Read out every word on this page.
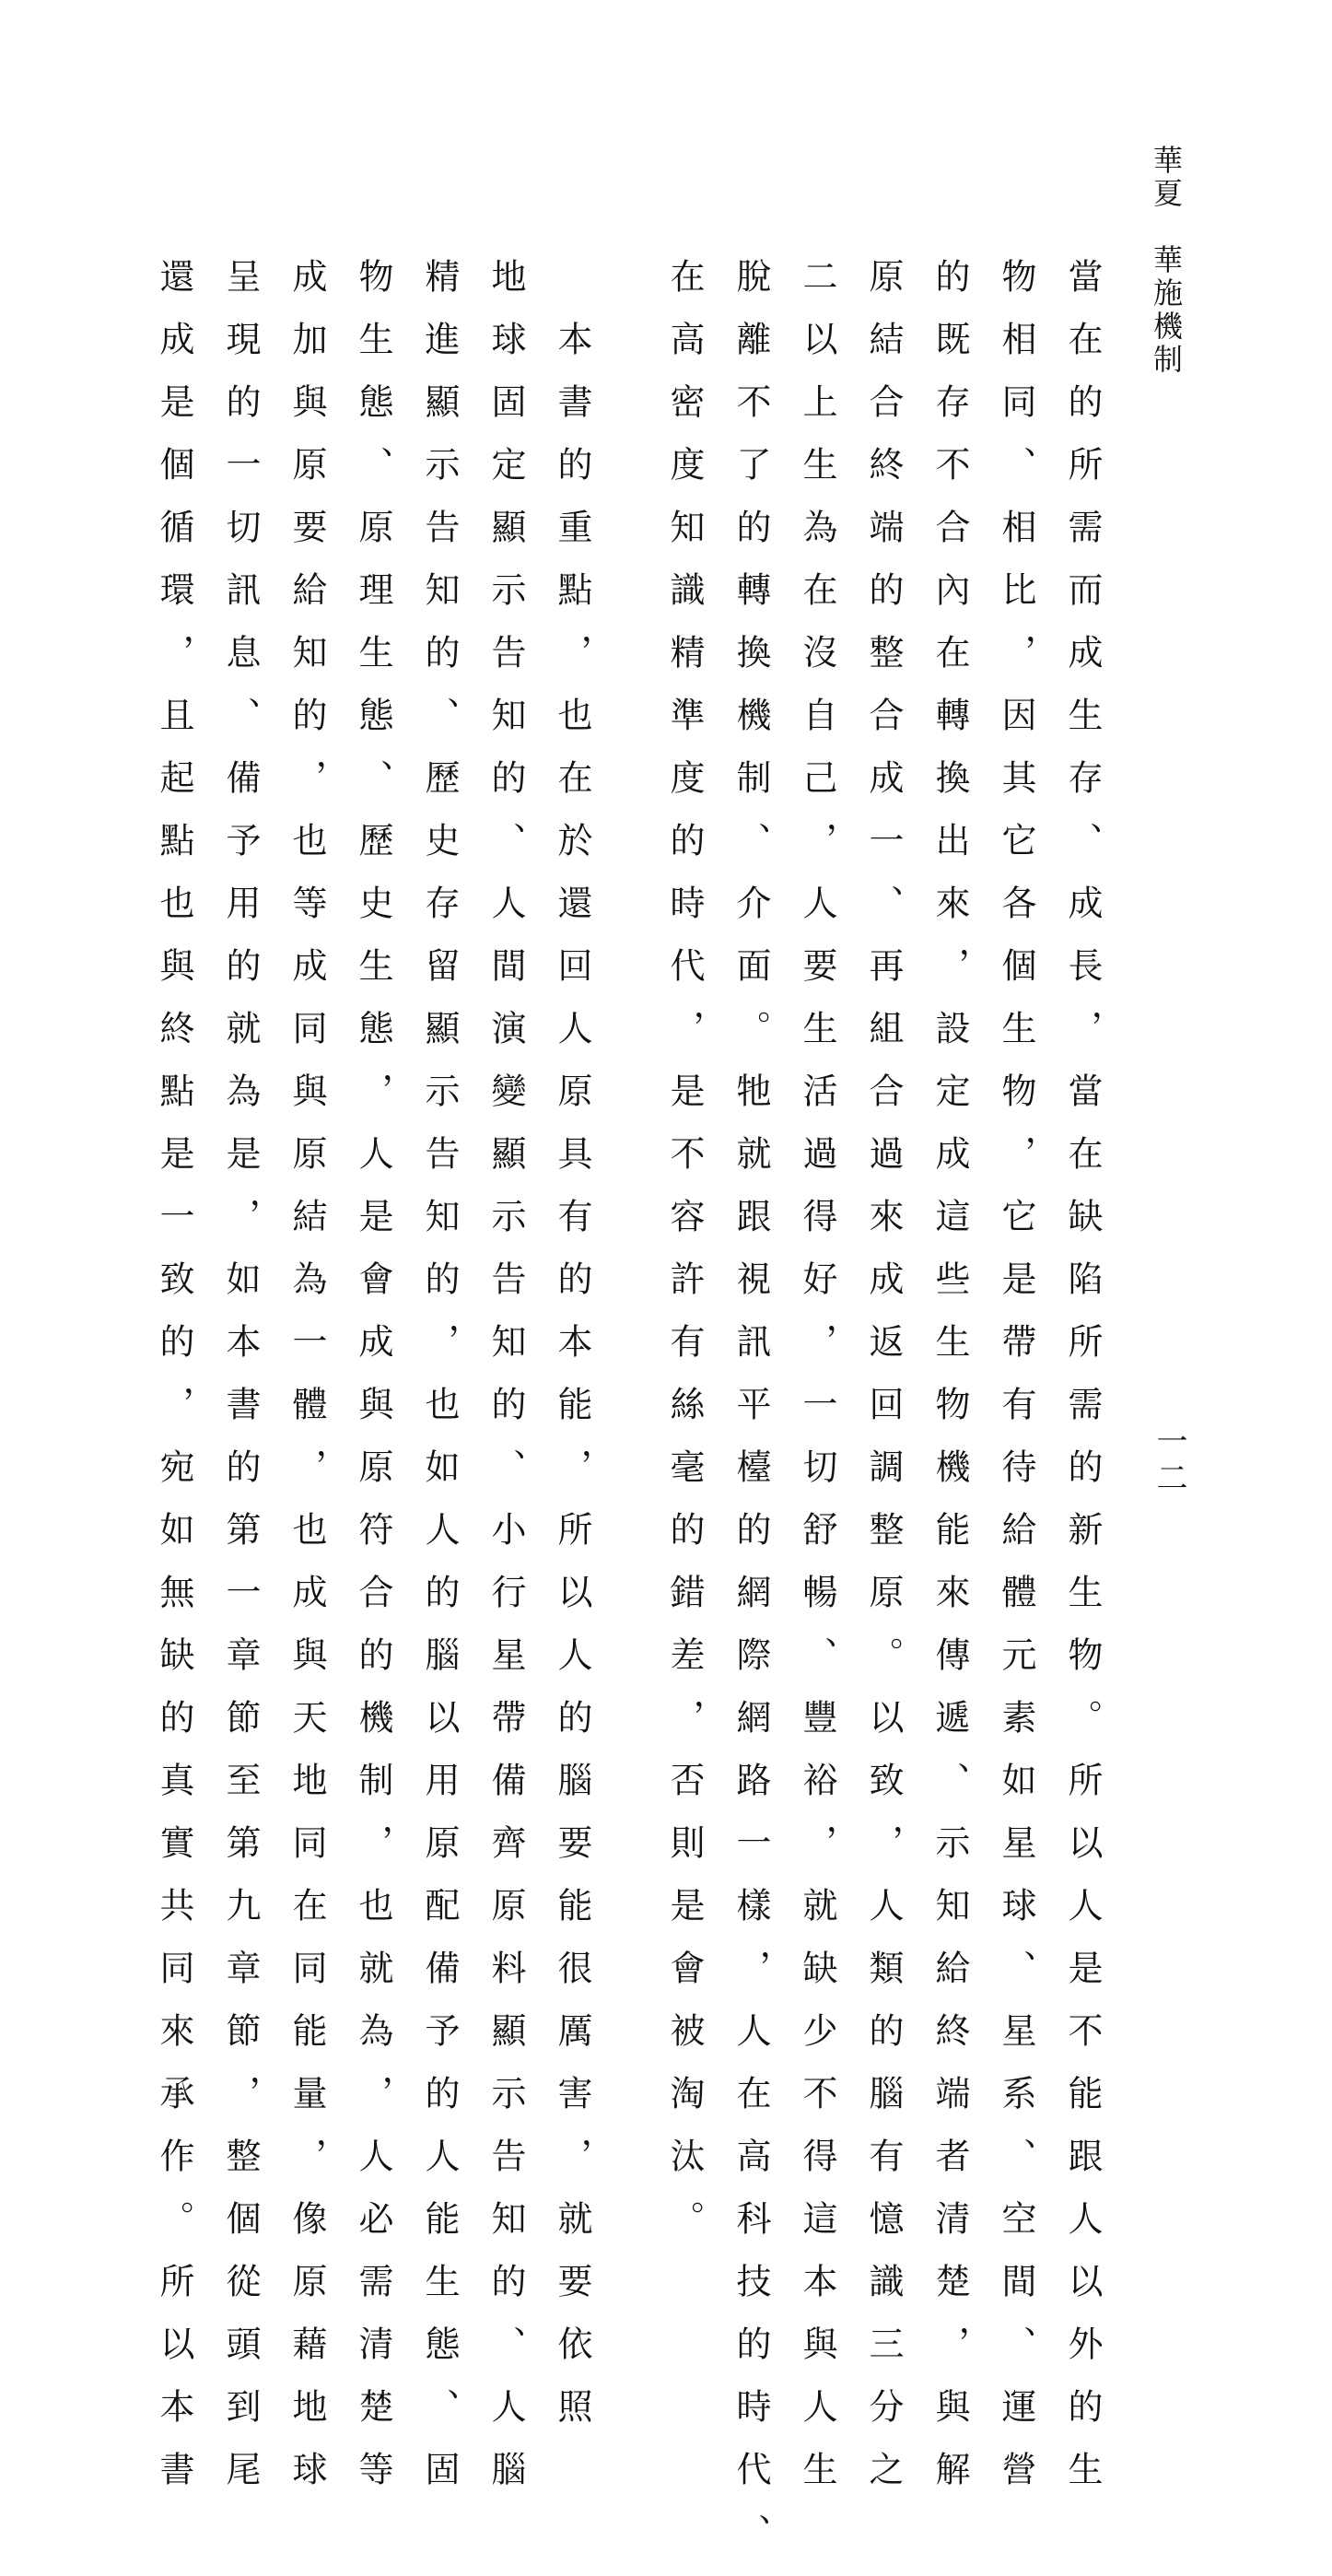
華夏　華施機制
一二
當在的所需而成生存、成長，當在缺陷所需的新生物。所以人是不能跟人以外的生
物相同、相比，因其它各個生物，它是帶有待給體元素如星球、星系、空間、運營
的既存不合內在轉換出來，設定成這些生物機能來傳遞、示知給終端者清楚，與解
原結合終端的整合成一、再組合過來成返回調整原。以致，人類的腦有憶識三分之
二以上生為在沒自己，人要生活過得好，一切舒暢、豐裕，就缺少不得這本與人生
脫離不了的轉換機制、介面。牠就跟視訊平檯的網際網路一樣，人在高科技的時代、
在高密度知識精準度的時代，是不容許有絲毫的錯差，否則是會被淘汰。
　本書的重點，也在於還回人原具有的本能，所以人的腦要能很厲害，就要依照
地球固定顯示告知的、人間演變顯示告知的、小行星帶備齊原料顯示告知的、人腦
精進顯示告知的、歷史存留顯示告知的，也如人的腦以用原配備予的人能生態、固
物生態、原理生態、歷史生態，人是會成與原符合的機制，也就為，人必需清楚等
成加與原要給知的，也等成同與原結為一體，也成與天地同在同能量，像原藉地球
呈現的一切訊息、備予用的就為是，如本書的第一章節至第九章節，整個從頭到尾
還成是個循環，且起點也與終點是一致的，宛如無缺的真實共同來承作。所以本書
